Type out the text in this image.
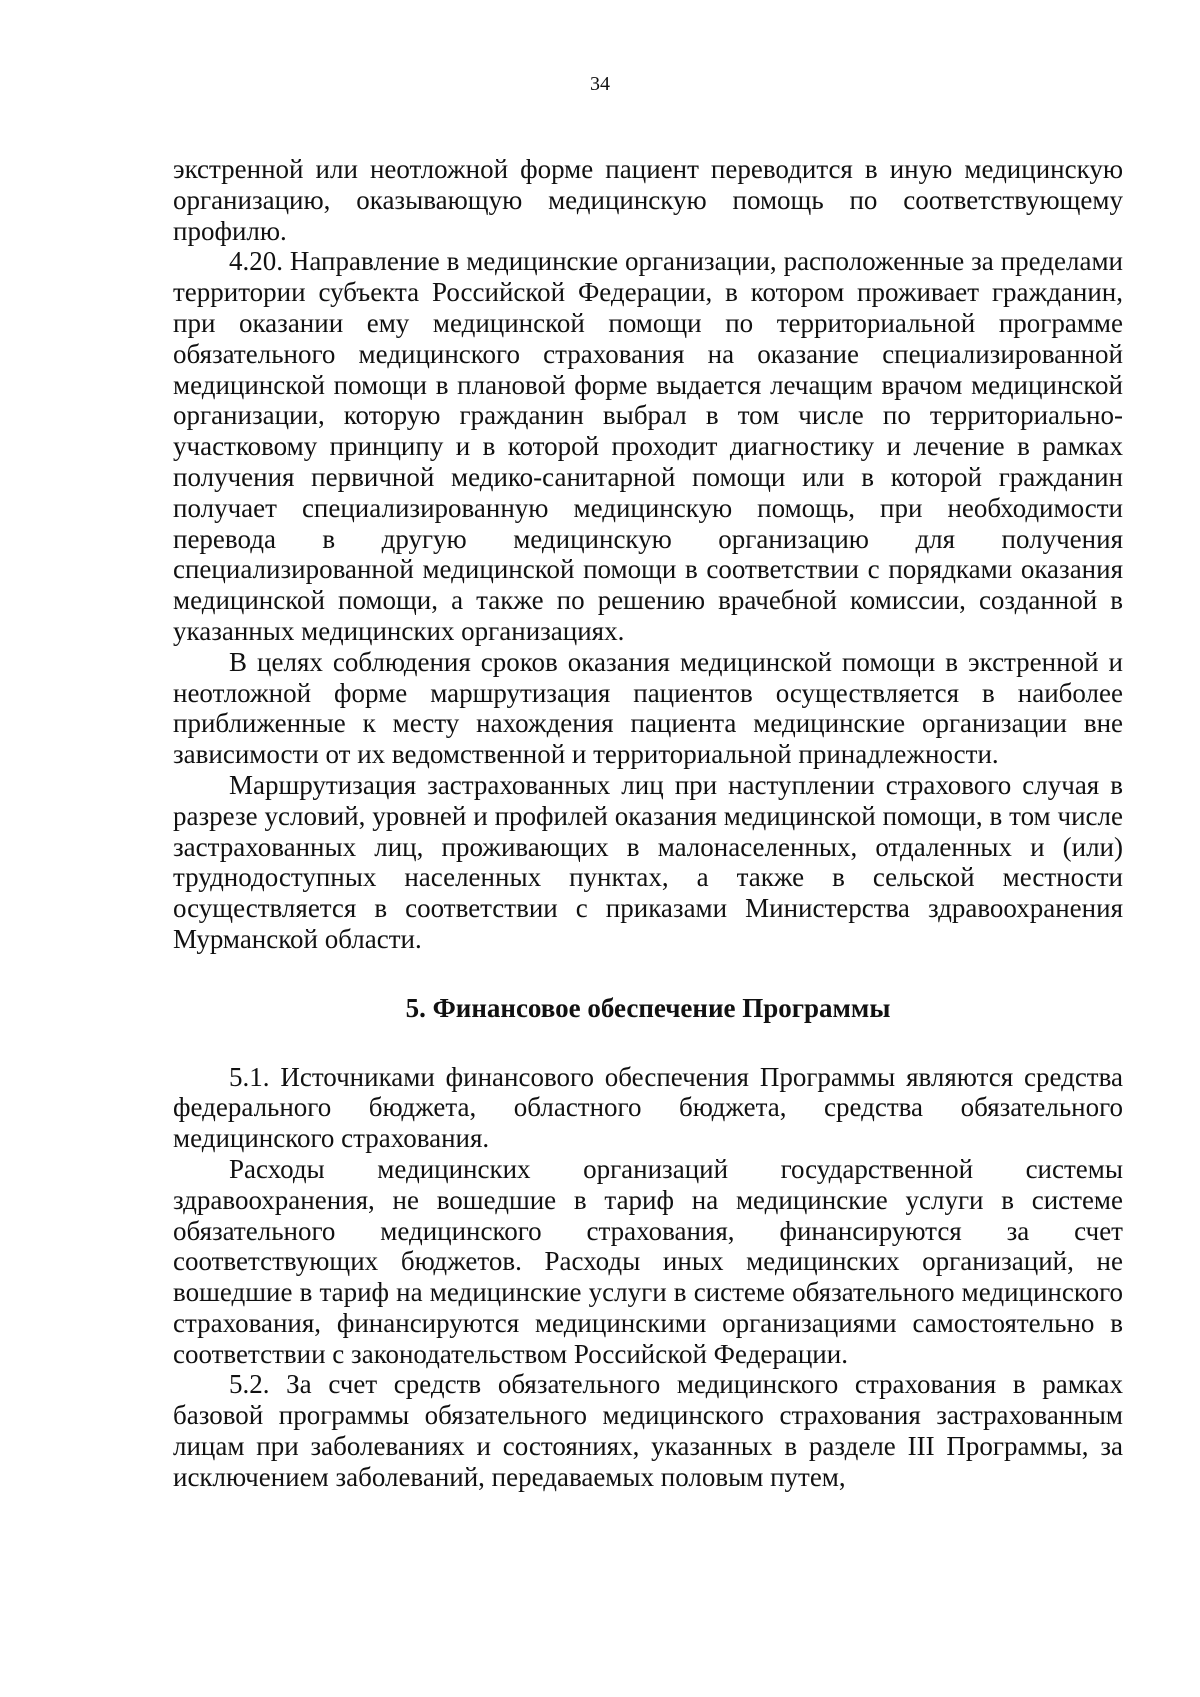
34

экстренной или неотложной форме пациент переводится в иную медицинскую организацию, оказывающую медицинскую помощь по соответствующему профилю.

4.20. Направление в медицинские организации, расположенные за пределами территории субъекта Российской Федерации, в котором проживает гражданин, при оказании ему медицинской помощи по территориальной программе обязательного медицинского страхования на оказание специализированной медицинской помощи в плановой форме выдается лечащим врачом медицинской организации, которую гражданин выбрал в том числе по территориально-участковому принципу и в которой проходит диагностику и лечение в рамках получения первичной медико-санитарной помощи или в которой гражданин получает специализированную медицинскую помощь, при необходимости перевода в другую медицинскую организацию для получения специализированной медицинской помощи в соответствии с порядками оказания медицинской помощи, а также по решению врачебной комиссии, созданной в указанных медицинских организациях.

В целях соблюдения сроков оказания медицинской помощи в экстренной и неотложной форме маршрутизация пациентов осуществляется в наиболее приближенные к месту нахождения пациента медицинские организации вне зависимости от их ведомственной и территориальной принадлежности.

Маршрутизация застрахованных лиц при наступлении страхового случая в разрезе условий, уровней и профилей оказания медицинской помощи, в том числе застрахованных лиц, проживающих в малонаселенных, отдаленных и (или) труднодоступных населенных пунктах, а также в сельской местности осуществляется в соответствии с приказами Министерства здравоохранения Мурманской области.

5. Финансовое обеспечение Программы

5.1. Источниками финансового обеспечения Программы являются средства федерального бюджета, областного бюджета, средства обязательного медицинского страхования.

Расходы медицинских организаций государственной системы здравоохранения, не вошедшие в тариф на медицинские услуги в системе обязательного медицинского страхования, финансируются за счет соответствующих бюджетов. Расходы иных медицинских организаций, не вошедшие в тариф на медицинские услуги в системе обязательного медицинского страхования, финансируются медицинскими организациями самостоятельно в соответствии с законодательством Российской Федерации.

5.2. За счет средств обязательного медицинского страхования в рамках базовой программы обязательного медицинского страхования застрахованным лицам при заболеваниях и состояниях, указанных в разделе III Программы, за исключением заболеваний, передаваемых половым путем,
